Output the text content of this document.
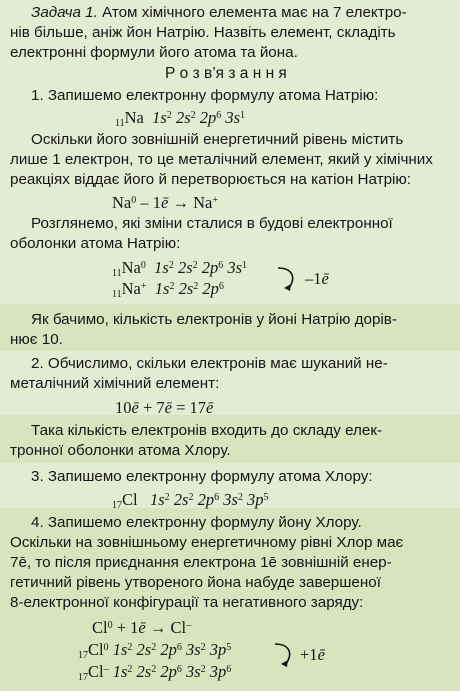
Задача 1. Атом хімічного елемента має на 7 електро-
нів більше, аніж йон Натрію. Назвіть елемент, складіть
електронні формули його атома та йона.
Р о з в’я з а н н я
1. Запишемо електронну формулу атома Натрію:
$_{11}$Na $1s^2$ $2s^2$ $2p^6$ $3s^1$
Оскільки його зовнішній енергетичний рівень містить
лише 1 електрон, то це металічний елемент, який у хімічних
реакціях віддає його й перетворюється на катіон Натрію:
Na$^0$ – 1ē → Na+
Розглянемо, які зміни сталися в будові електронної
оболонки атома Натрію:
$_{11}Na^0$ $1s^2$ $2s^2$ $2p^6$ $3s^1$
$_{11}$Na+ $1s^2$ $2s^2$ $2p^6$	–1ē
Як бачимо, кількість електронів у йоні Натрію дорів-
нює 10.
2. Обчислимо, скільки електронів має шуканий не-
металічний хімічний елемент:
10ē + 7ē = 17ē
Така кількість електронів входить до складу елек-
тронної оболонки атома Хлору.
3. Запишемо електронну формулу атома Хлору:
$_{17}$Cl   $1s^2$ $2s^2$ $2p^6$ $3s^2$ $3p^5$
4. Запишемо електронну формулу йону Хлору.
Оскільки на зовнішньому енергетичному рівні Хлор має
7ē, то після приєднання електрона 1ē зовнішній енер-
гетичний рівень утвореного йона набуде завершеної
8-електронної конфігурації та негативного заряду:
$Cl^0$ + 1ē → Cl–
$_{17}Cl^0$ $1s^2$ $2s^2$ $2p^6$ $3s^2$ $3p^5$
$_{17}$Cl– $1s^2$ $2s^2$ $2p^6$ $3s^2$ $3p^6$
+1ē
